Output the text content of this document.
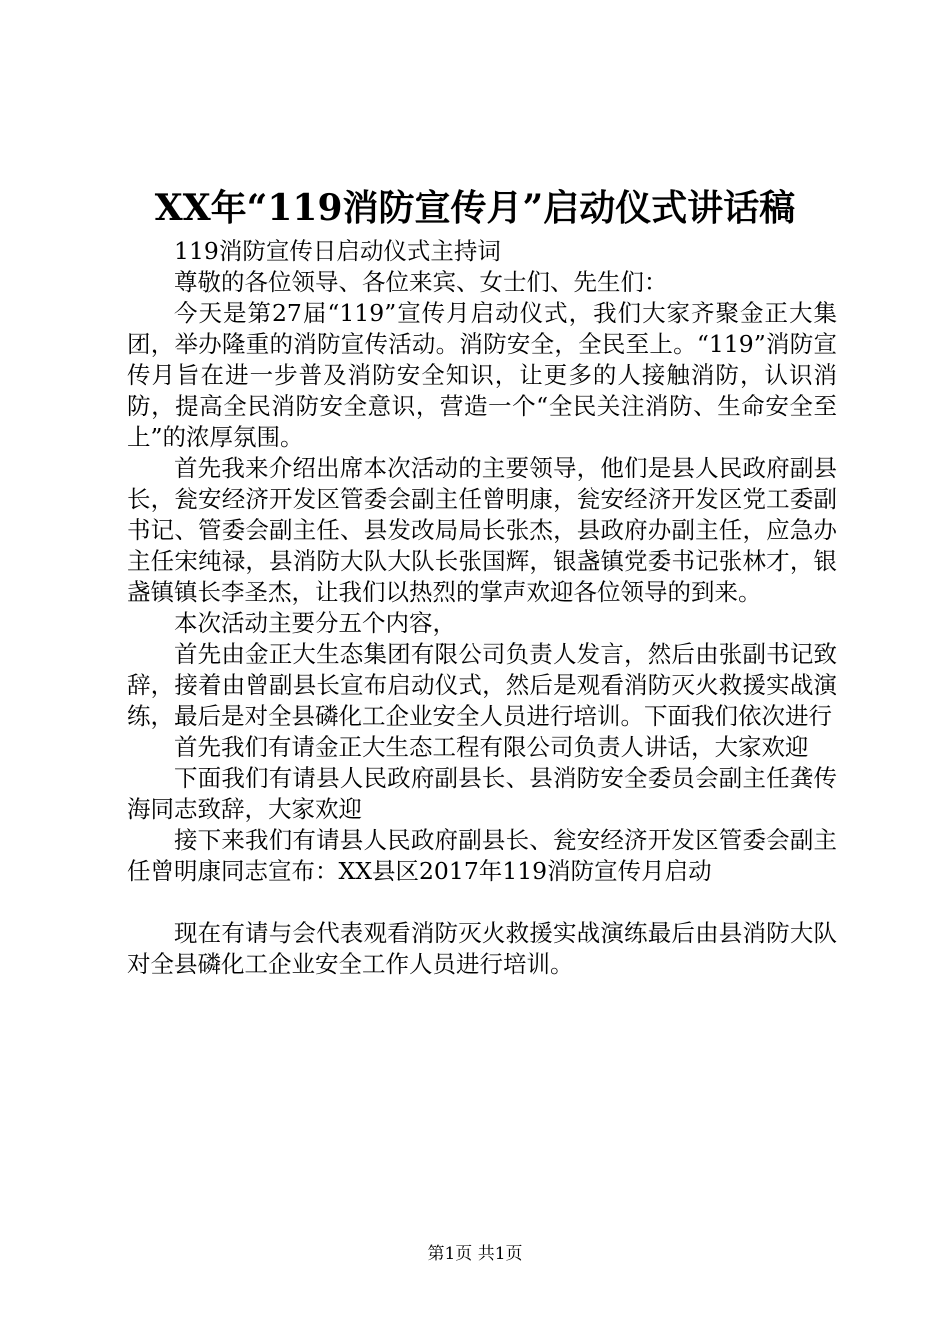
XX年“119消防宣传月”启动仪式讲话稿

119消防宣传日启动仪式主持词

尊敬的各位领导、各位来宾、女士们、先生们：

今天是第27届“119”宣传月启动仪式，我们大家齐聚金正大集团，举办隆重的消防宣传活动。消防安全，全民至上。“119”消防宣传月旨在进一步普及消防安全知识，让更多的人接触消防，认识消防，提高全民消防安全意识，营造一个“全民关注消防、生命安全至上”的浓厚氛围。

首先我来介绍出席本次活动的主要领导，他们是县人民政府副县长，瓮安经济开发区管委会副主任曾明康，瓮安经济开发区党工委副书记、管委会副主任、县发改局局长张杰，县政府办副主任，应急办主任宋纯禄，县消防大队大队长张国辉，银盏镇党委书记张林才，银盏镇镇长李圣杰，让我们以热烈的掌声欢迎各位领导的到来。

本次活动主要分五个内容，

首先由金正大生态集团有限公司负责人发言，然后由张副书记致辞，接着由曾副县长宣布启动仪式，然后是观看消防灭火救援实战演练，最后是对全县磷化工企业安全人员进行培训。下面我们依次进行

首先我们有请金正大生态工程有限公司负责人讲话，大家欢迎

下面我们有请县人民政府副县长、县消防安全委员会副主任龚传海同志致辞，大家欢迎

接下来我们有请县人民政府副县长、瓮安经济开发区管委会副主任曾明康同志宣布：XX县区2017年119消防宣传月启动

现在有请与会代表观看消防灭火救援实战演练最后由县消防大队对全县磷化工企业安全工作人员进行培训。

第1页 共1页
